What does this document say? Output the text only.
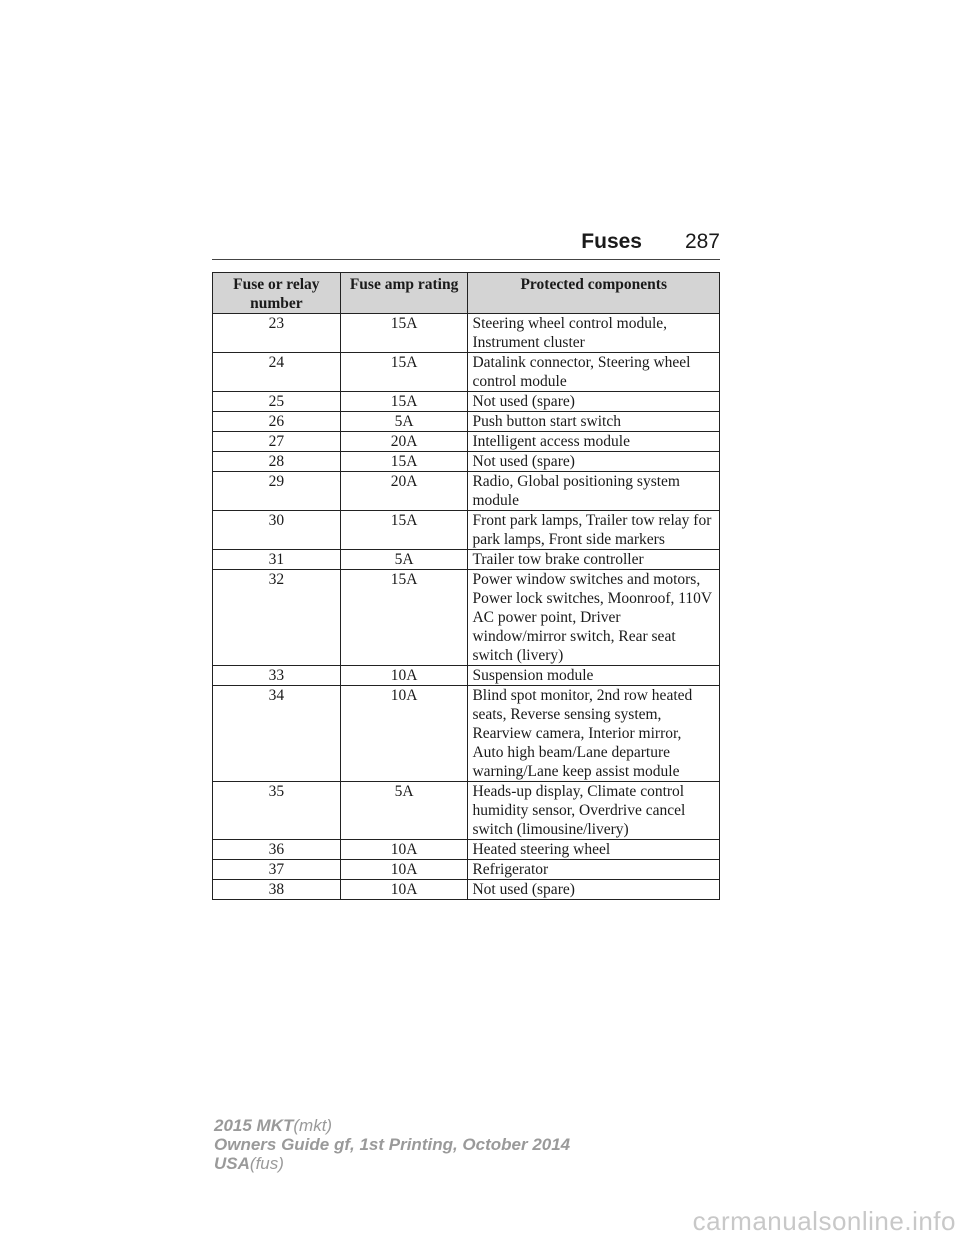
Fuses 287
Fuse or relay number	Fuse amp rating	Protected components
23	15A	Steering wheel control module, Instrument cluster
24	15A	Datalink connector, Steering wheel control module
25	15A	Not used (spare)
26	5A	Push button start switch
27	20A	Intelligent access module
28	15A	Not used (spare)
29	20A	Radio, Global positioning system module
30	15A	Front park lamps, Trailer tow relay for park lamps, Front side markers
31	5A	Trailer tow brake controller
32	15A	Power window switches and motors, Power lock switches, Moonroof, 110V AC power point, Driver window/mirror switch, Rear seat switch (livery)
33	10A	Suspension module
34	10A	Blind spot monitor, 2nd row heated seats, Reverse sensing system, Rearview camera, Interior mirror, Auto high beam/Lane departure warning/Lane keep assist module
35	5A	Heads-up display, Climate control humidity sensor, Overdrive cancel switch (limousine/livery)
36	10A	Heated steering wheel
37	10A	Refrigerator
38	10A	Not used (spare)
2015 MKT(mkt)
Owners Guide gf, 1st Printing, October 2014
USA(fus)
carmanualsonline.info
